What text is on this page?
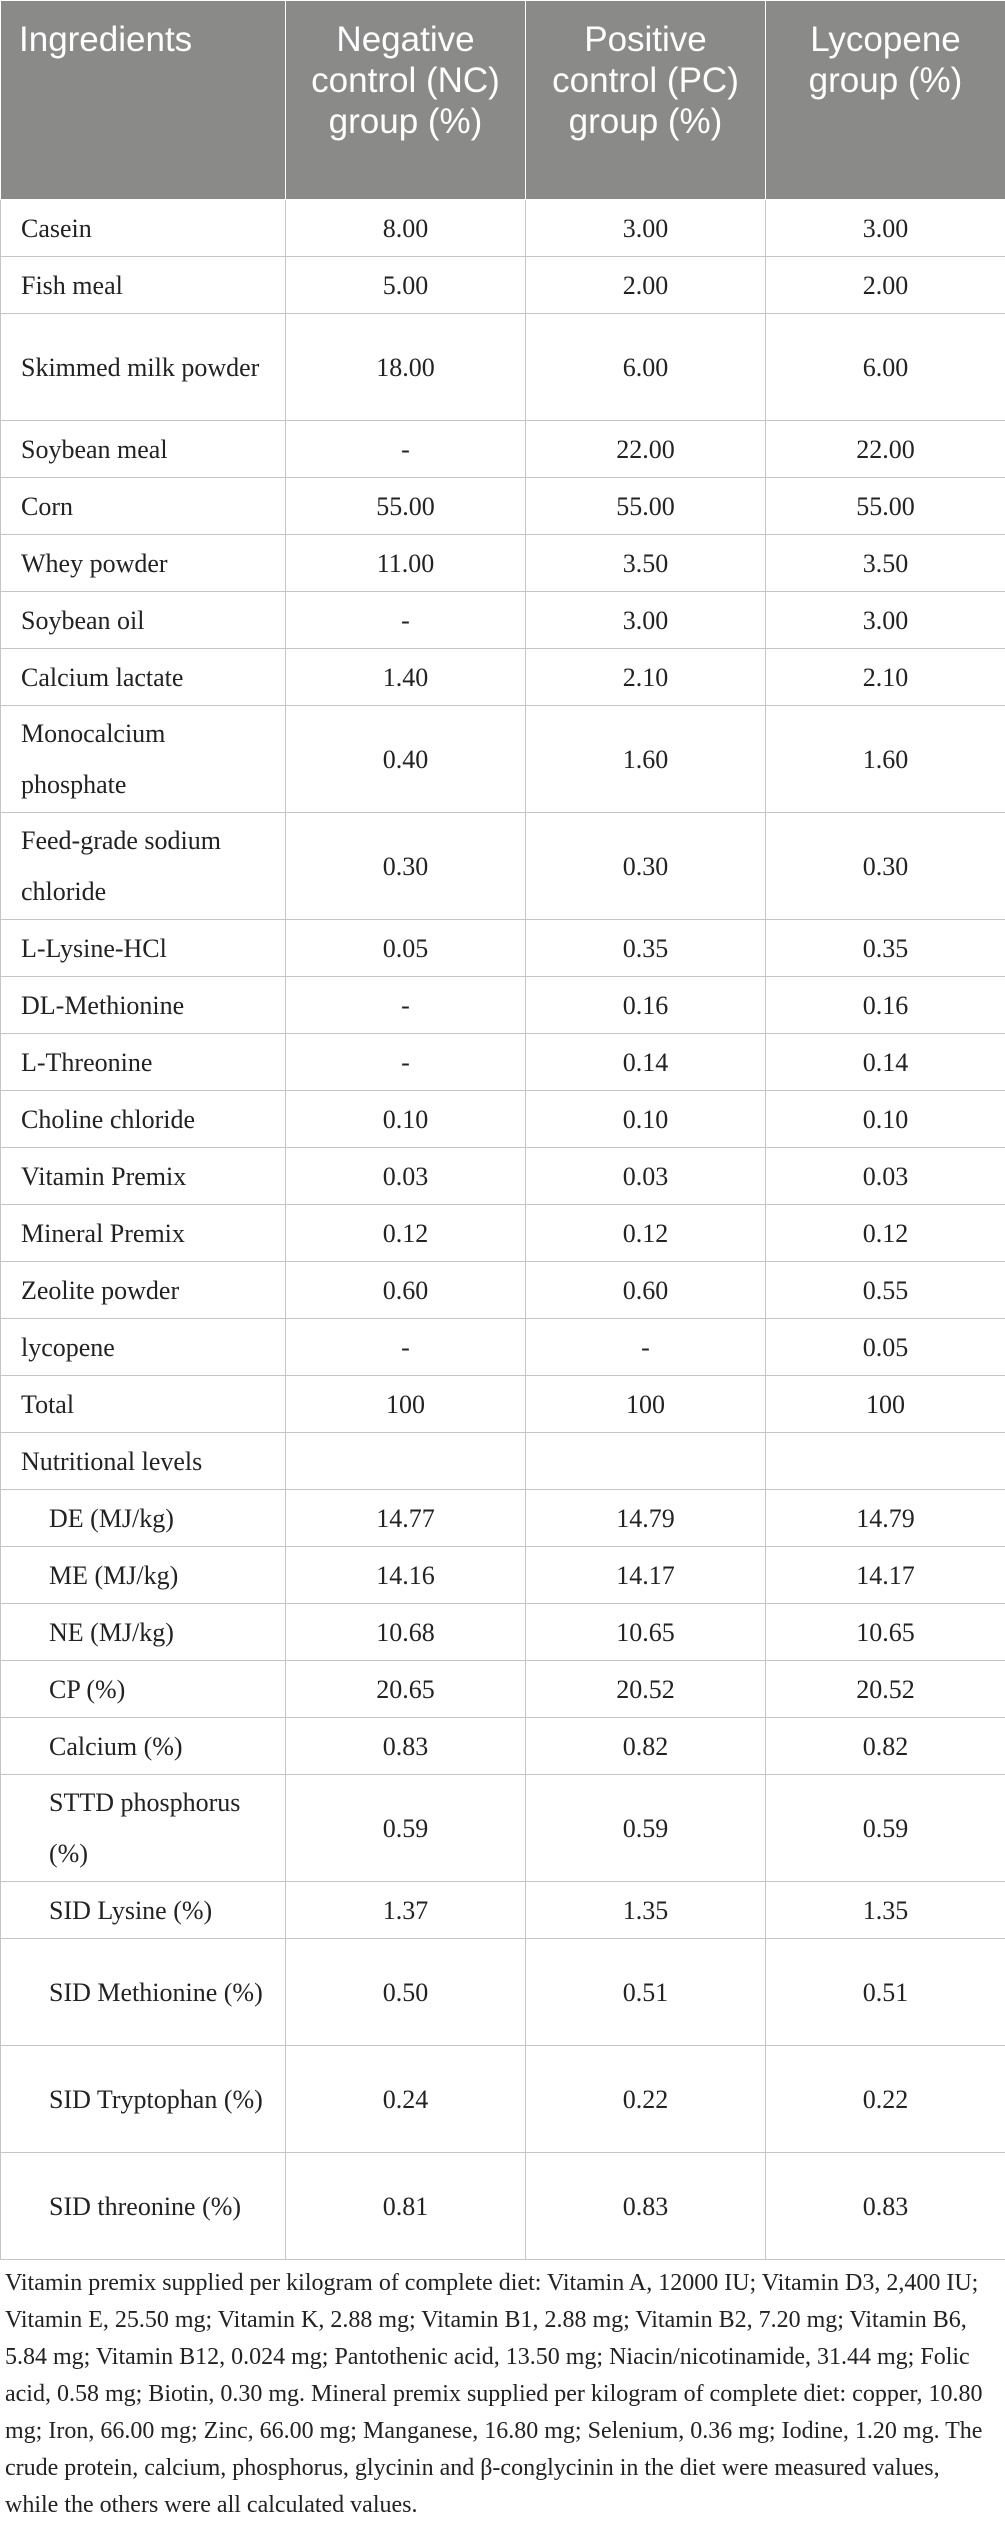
Ingredients	Negative control (NC) group (%)	Positive control (PC) group (%)	Lycopene group (%)
Casein	8.00	3.00	3.00
Fish meal	5.00	2.00	2.00
Skimmed milk powder	18.00	6.00	6.00
Soybean meal	-	22.00	22.00
Corn	55.00	55.00	55.00
Whey powder	11.00	3.50	3.50
Soybean oil	-	3.00	3.00
Calcium lactate	1.40	2.10	2.10
Monocalcium phosphate	0.40	1.60	1.60
Feed-grade sodium chloride	0.30	0.30	0.30
L-Lysine-HCl	0.05	0.35	0.35
DL-Methionine	-	0.16	0.16
L-Threonine	-	0.14	0.14
Choline chloride	0.10	0.10	0.10
Vitamin Premix	0.03	0.03	0.03
Mineral Premix	0.12	0.12	0.12
Zeolite powder	0.60	0.60	0.55
lycopene	-	-	0.05
Total	100	100	100
Nutritional levels			
DE (MJ/kg)	14.77	14.79	14.79
ME (MJ/kg)	14.16	14.17	14.17
NE (MJ/kg)	10.68	10.65	10.65
CP (%)	20.65	20.52	20.52
Calcium (%)	0.83	0.82	0.82
STTD phosphorus (%)	0.59	0.59	0.59
SID Lysine (%)	1.37	1.35	1.35
SID Methionine (%)	0.50	0.51	0.51
SID Tryptophan (%)	0.24	0.22	0.22
SID threonine (%)	0.81	0.83	0.83

Vitamin premix supplied per kilogram of complete diet: Vitamin A, 12000 IU; Vitamin D3, 2,400 IU; Vitamin E, 25.50 mg; Vitamin K, 2.88 mg; Vitamin B1, 2.88 mg; Vitamin B2, 7.20 mg; Vitamin B6, 5.84 mg; Vitamin B12, 0.024 mg; Pantothenic acid, 13.50 mg; Niacin/nicotinamide, 31.44 mg; Folic acid, 0.58 mg; Biotin, 0.30 mg. Mineral premix supplied per kilogram of complete diet: copper, 10.80 mg; Iron, 66.00 mg; Zinc, 66.00 mg; Manganese, 16.80 mg; Selenium, 0.36 mg; Iodine, 1.20 mg. The crude protein, calcium, phosphorus, glycinin and β-conglycinin in the diet were measured values, while the others were all calculated values.
